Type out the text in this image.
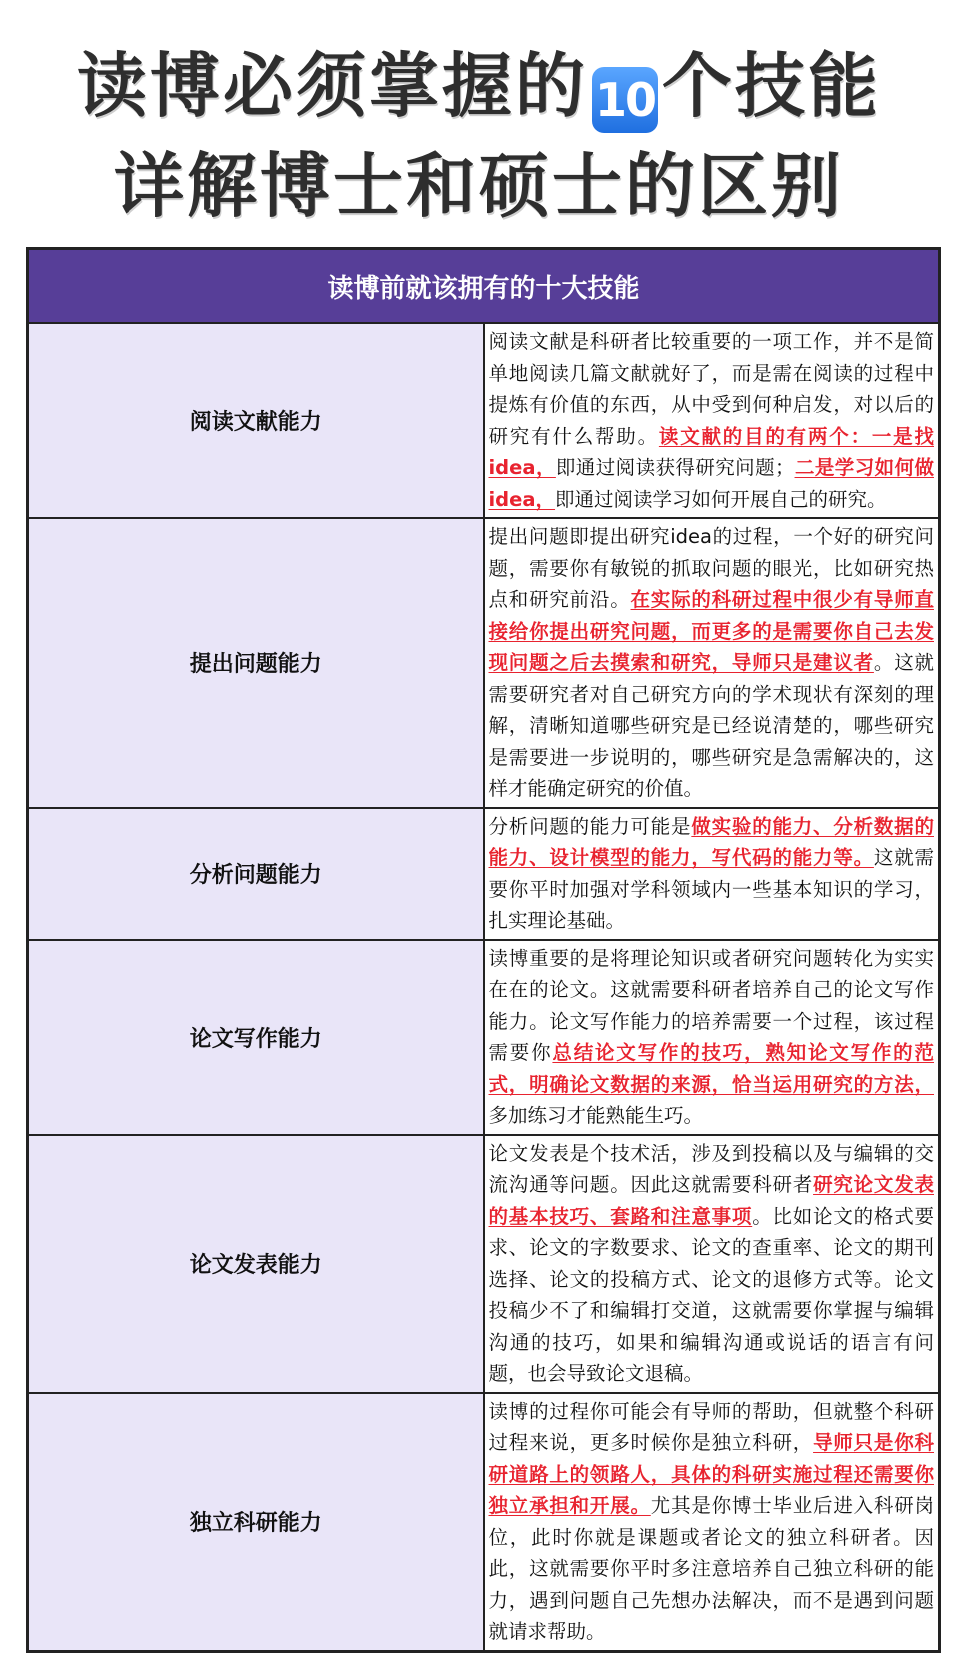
读博必须掌握的 10 个技能
详解博士和硕士的区别
读博前就该拥有的十大技能	
阅读文献能力	阅读文献是科研者比较重要的一项工作，并不是简单地阅读几篇文献就好了，而是需在阅读的过程中提炼有价值的东西，从中受到何种启发，对以后的研究有什么帮助。读文献的目的有两个：一是找idea，即通过阅读获得研究问题；二是学习如何做idea，即通过阅读学习如何开展自己的研究。
提出问题能力	提出问题即提出研究idea的过程，一个好的研究问题，需要你有敏锐的抓取问题的眼光，比如研究热点和研究前沿。在实际的科研过程中很少有导师直接给你提出研究问题，而更多的是需要你自己去发现问题之后去摸索和研究，导师只是建议者。这就需要研究者对自己研究方向的学术现状有深刻的理解，清晰知道哪些研究是已经说清楚的，哪些研究是需要进一步说明的，哪些研究是急需解决的，这样才能确定研究的价值。
分析问题能力	分析问题的能力可能是做实验的能力、分析数据的能力、设计模型的能力，写代码的能力等。这就需要你平时加强对学科领域内一些基本知识的学习，扎实理论基础。
论文写作能力	读博重要的是将理论知识或者研究问题转化为实实在在的论文。这就需要科研者培养自己的论文写作能力。论文写作能力的培养需要一个过程，该过程需要你总结论文写作的技巧，熟知论文写作的范式，明确论文数据的来源，恰当运用研究的方法，多加练习才能熟能生巧。
论文发表能力	论文发表是个技术活，涉及到投稿以及与编辑的交流沟通等问题。因此这就需要科研者研究论文发表的基本技巧、套路和注意事项。比如论文的格式要求、论文的字数要求、论文的查重率、论文的期刊选择、论文的投稿方式、论文的退修方式等。论文投稿少不了和编辑打交道，这就需要你掌握与编辑沟通的技巧，如果和编辑沟通或说话的语言有问题，也会导致论文退稿。
独立科研能力	读博的过程你可能会有导师的帮助，但就整个科研过程来说，更多时候你是独立科研，导师只是你科研道路上的领路人，具体的科研实施过程还需要你独立承担和开展。尤其是你博士毕业后进入科研岗位，此时你就是课题或者论文的独立科研者。因此，这就需要你平时多注意培养自己独立科研的能力，遇到问题自己先想办法解决，而不是遇到问题就请求帮助。
